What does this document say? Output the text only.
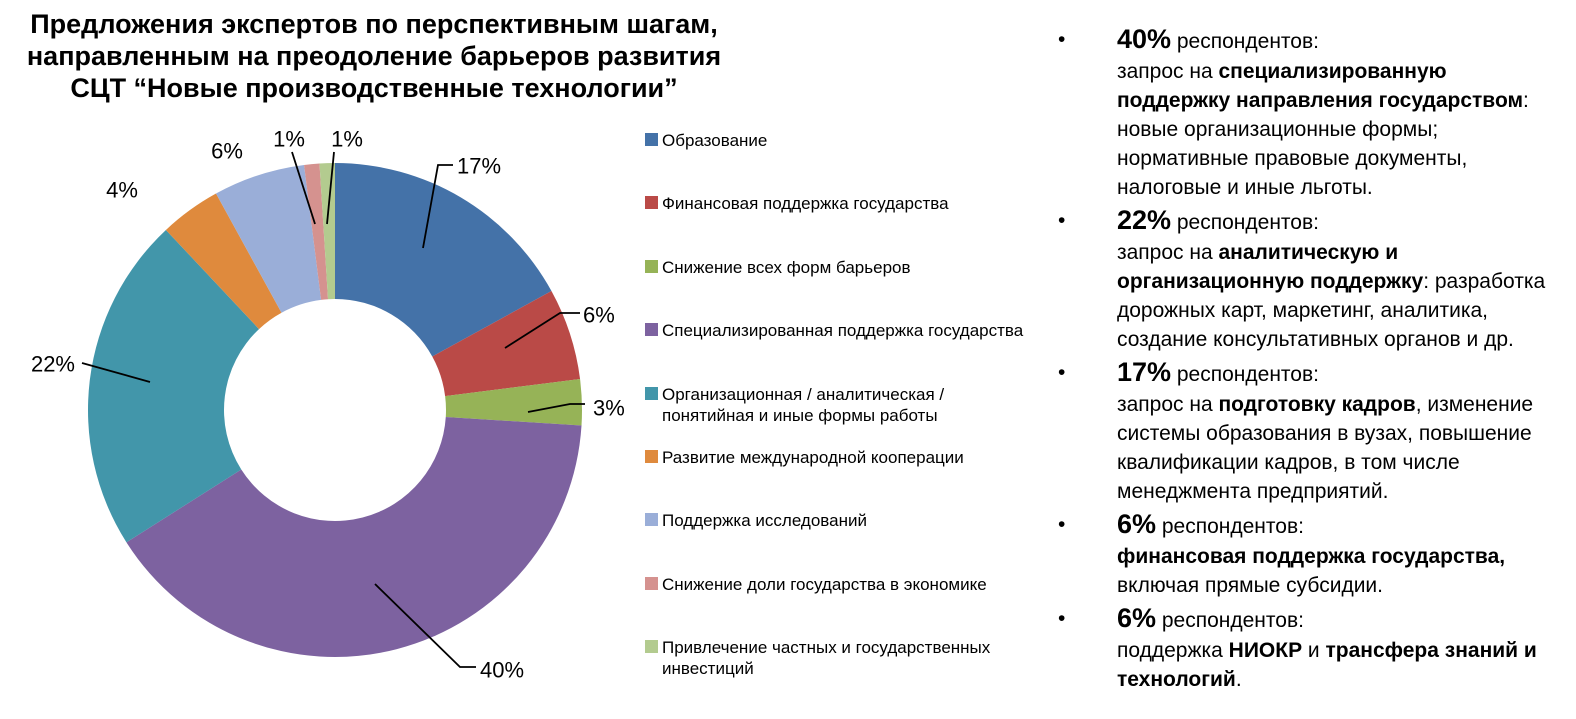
Предложения экспертов по перспективным шагам,
направленным на преодоление барьеров развития
СЦТ “Новые производственные технологии”
17%
6%
3%
40%
22%
4%
6% 1% 1%	Образование
Финансовая поддержка государства
Снижение всех форм барьеров
Специализированная поддержка государства
Организационная / аналитическая / понятийная и иные формы работы
Развитие международной кооперации
Поддержка исследований
Снижение доли государства в экономике
Привлечение частных и государственных инвестиций
• 40% респондентов:
запрос на специализированную поддержку направления государством: новые организационные формы; нормативные правовые документы, налоговые и иные льготы.
• 22% респондентов:
запрос на аналитическую и организационную поддержку: разработка дорожных карт, маркетинг, аналитика, создание консультативных органов и др.
• 17% респондентов:
запрос на подготовку кадров, изменение системы образования в вузах, повышение квалификации кадров, в том числе менеджмента предприятий.
• 6% респондентов:
финансовая поддержка государства, включая прямые субсидии.
• 6% респондентов:
поддержка НИОКР и трансфера знаний и технологий.
